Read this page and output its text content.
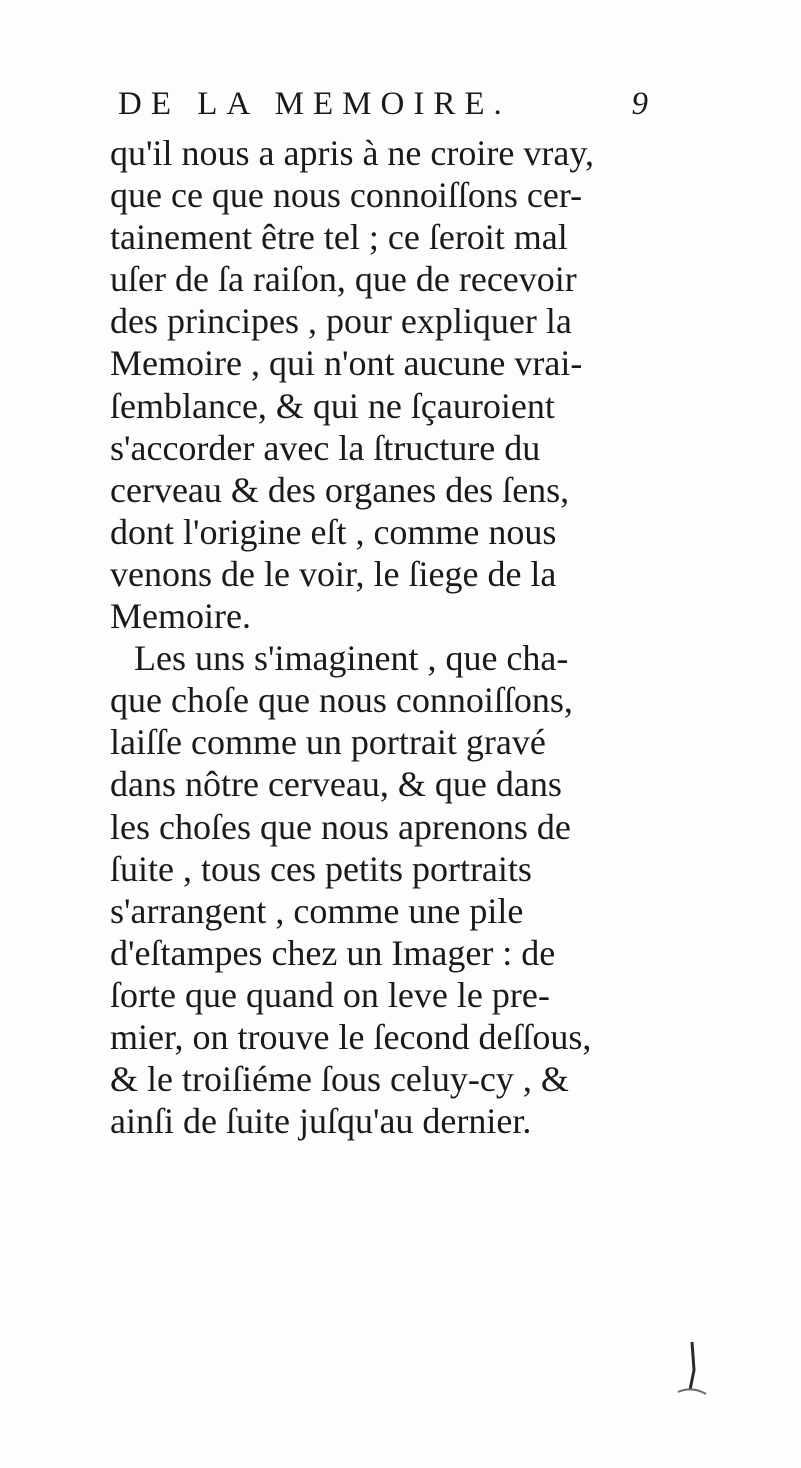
DE LA MEMOIRE.	9
qu'il nous a apris à ne croire vray,
que ce que nous connoiſſons cer-
tainement être tel ; ce ſeroit mal
uſer de ſa raiſon, que de recevoir
des principes , pour expliquer la
Memoire , qui n'ont aucune vrai-
ſemblance, & qui ne ſçauroient
s'accorder avec la ſtructure du
cerveau & des organes des ſens,
dont l'origine eſt , comme nous
venons de le voir, le ſiege de la
Memoire.
Les uns s'imaginent , que cha-
que choſe que nous connoiſſons,
laiſſe comme un portrait gravé
dans nôtre cerveau, & que dans
les choſes que nous aprenons de
ſuite , tous ces petits portraits
s'arrangent , comme une pile
d'eſtampes chez un Imager : de
ſorte que quand on leve le pre-
mier, on trouve le ſecond deſſous,
& le troiſiéme ſous celuy-cy , &
ainſi de ſuite juſqu'au dernier.
